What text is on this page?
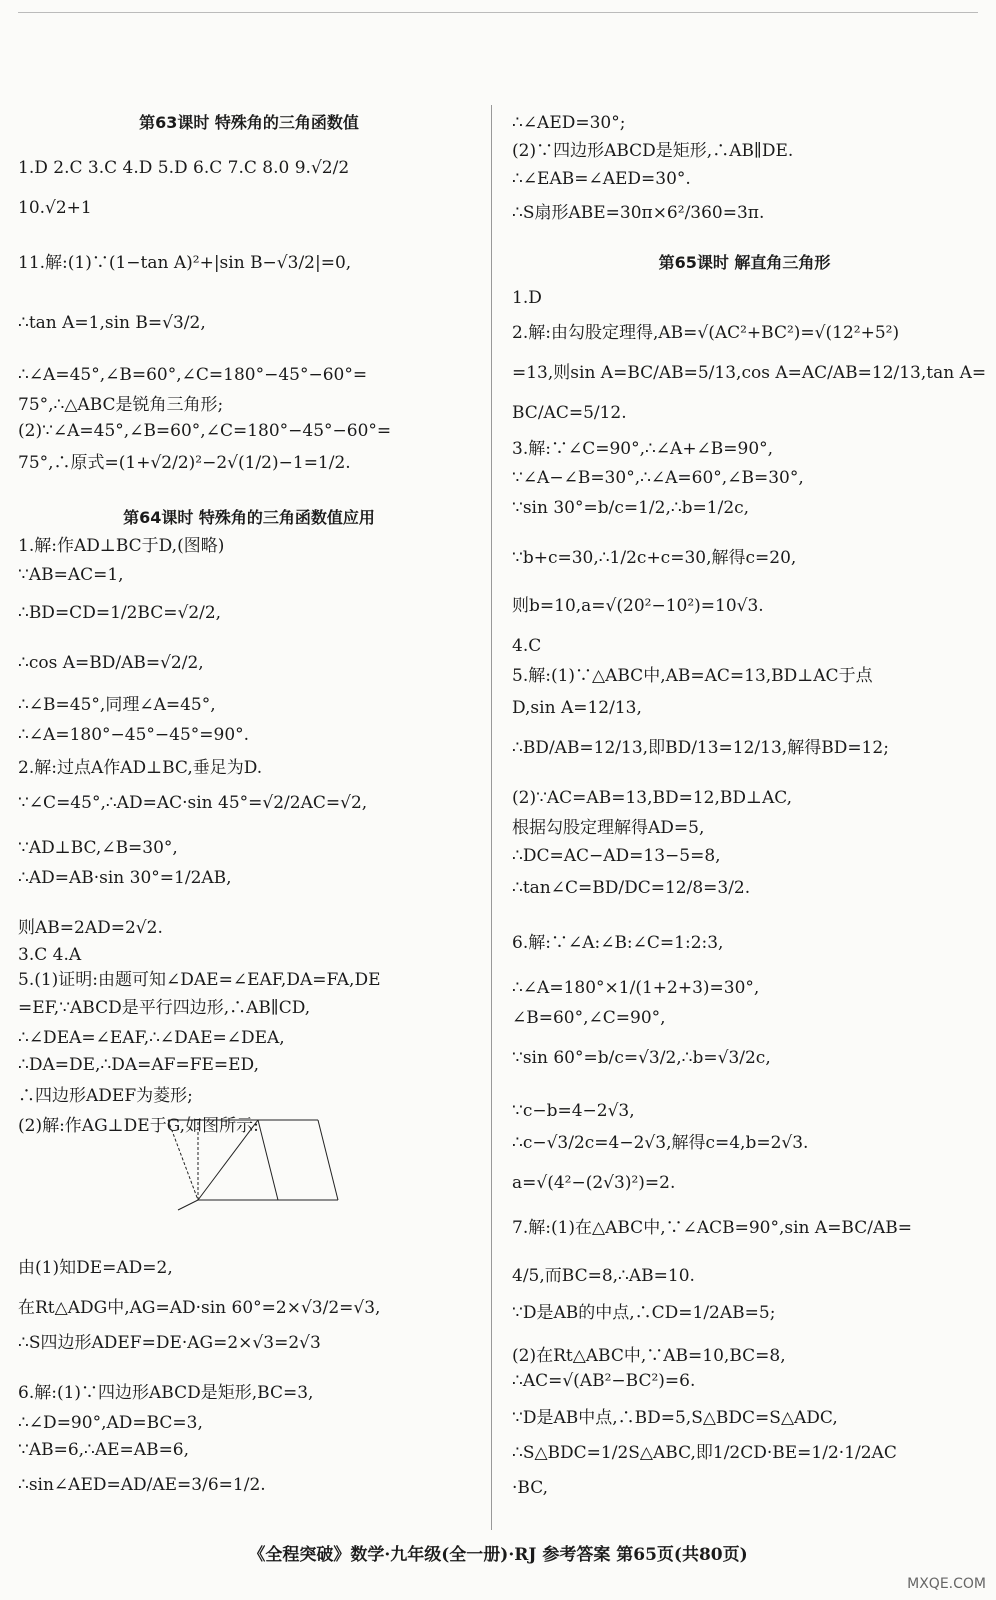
第63课时 特殊角的三角函数值
1.D 2.C 3.C 4.D 5.D 6.C 7.C 8.0 9.√2/2
10.√2+1
11.解:(1)∵(1−tan A)²+|sin B−√3/2|=0,
∴tan A=1,sin B=√3/2,
∴∠A=45°,∠B=60°,∠C=180°−45°−60°=
75°,∴△ABC是锐角三角形;
(2)∵∠A=45°,∠B=60°,∠C=180°−45°−60°=
75°,∴原式=(1+√2/2)²−2√(1/2)−1=1/2.
第64课时 特殊角的三角函数值应用
1.解:作AD⊥BC于D,(图略)
∵AB=AC=1,
∴BD=CD=1/2BC=√2/2,
∴cos A=BD/AB=√2/2,
∴∠B=45°,同理∠A=45°,
∴∠A=180°−45°−45°=90°.
2.解:过点A作AD⊥BC,垂足为D.
∵∠C=45°,∴AD=AC·sin 45°=√2/2AC=√2,
∵AD⊥BC,∠B=30°,
∴AD=AB·sin 30°=1/2AB,
则AB=2AD=2√2.
3.C 4.A
5.(1)证明:由题可知∠DAE=∠EAF,DA=FA,DE
=EF,∵ABCD是平行四边形,∴AB∥CD,
∴∠DEA=∠EAF,∴∠DAE=∠DEA,
∴DA=DE,∴DA=AF=FE=ED,
∴四边形ADEF为菱形;
(2)解:作AG⊥DE于G,如图所示:
由(1)知DE=AD=2,
在Rt△ADG中,AG=AD·sin 60°=2×√3/2=√3,
∴S四边形ADEF=DE·AG=2×√3=2√3
6.解:(1)∵四边形ABCD是矩形,BC=3,
∴∠D=90°,AD=BC=3,
∵AB=6,∴AE=AB=6,
∴sin∠AED=AD/AE=3/6=1/2.
∴∠AED=30°;
(2)∵四边形ABCD是矩形,∴AB∥DE.
∴∠EAB=∠AED=30°.
∴S扇形ABE=30π×6²/360=3π.
第65课时 解直角三角形
1.D
2.解:由勾股定理得,AB=√(AC²+BC²)=√(12²+5²)
=13,则sin A=BC/AB=5/13,cos A=AC/AB=12/13,tan A=
BC/AC=5/12.
3.解:∵∠C=90°,∴∠A+∠B=90°,
∵∠A−∠B=30°,∴∠A=60°,∠B=30°,
∵sin 30°=b/c=1/2,∴b=1/2c,
∵b+c=30,∴1/2c+c=30,解得c=20,
则b=10,a=√(20²−10²)=10√3.
4.C
5.解:(1)∵△ABC中,AB=AC=13,BD⊥AC于点
D,sin A=12/13,
∴BD/AB=12/13,即BD/13=12/13,解得BD=12;
(2)∵AC=AB=13,BD=12,BD⊥AC,
根据勾股定理解得AD=5,
∴DC=AC−AD=13−5=8,
∴tan∠C=BD/DC=12/8=3/2.
6.解:∵∠A:∠B:∠C=1:2:3,
∴∠A=180°×1/(1+2+3)=30°,
∠B=60°,∠C=90°,
∵sin 60°=b/c=√3/2,∴b=√3/2c,
∵c−b=4−2√3,
∴c−√3/2c=4−2√3,解得c=4,b=2√3.
a=√(4²−(2√3)²)=2.
7.解:(1)在△ABC中,∵∠ACB=90°,sin A=BC/AB=
4/5,而BC=8,∴AB=10.
∵D是AB的中点,∴CD=1/2AB=5;
(2)在Rt△ABC中,∵AB=10,BC=8,
∴AC=√(AB²−BC²)=6.
∵D是AB中点,∴BD=5,S△BDC=S△ADC,
∴S△BDC=1/2S△ABC,即1/2CD·BE=1/2·1/2AC
·BC,
《全程突破》数学·九年级(全一册)·RJ 参考答案 第65页(共80页)
MXQE.COM
